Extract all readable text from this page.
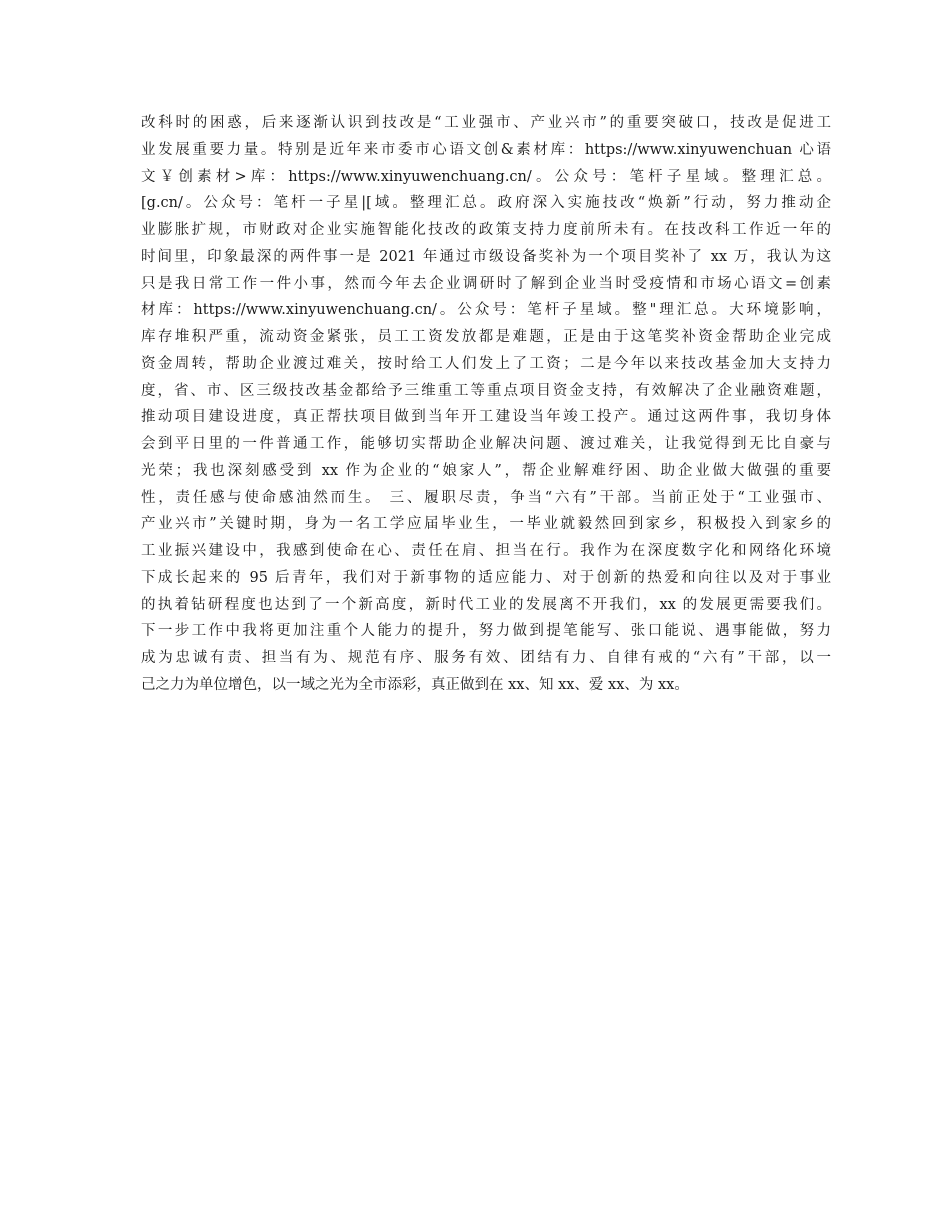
改科时的困惑，后来逐渐认识到技改是“工业强市、产业兴市”的重要突破口，技改是促进工
业发展重要力量。特别是近年来市委市心语文创&素材库：https://www.xinyuwenchuan 心语
文￥创素材>库：https://www.xinyuwenchuang.cn/。公众号：笔杆子星域。整理汇总。
[g.cn/。公众号：笔杆一子星|[域。整理汇总。政府深入实施技改“焕新”行动，努力推动企
业膨胀扩规，市财政对企业实施智能化技改的政策支持力度前所未有。在技改科工作近一年的
时间里，印象最深的两件事一是 2021 年通过市级设备奖补为一个项目奖补了 xx 万，我认为这
只是我日常工作一件小事，然而今年去企业调研时了解到企业当时受疫情和市场心语文=创素
材库：https://www.xinyuwenchuang.cn/。公众号：笔杆子星域。整"理汇总。大环境影响，
库存堆积严重，流动资金紧张，员工工资发放都是难题，正是由于这笔奖补资金帮助企业完成
资金周转，帮助企业渡过难关，按时给工人们发上了工资；二是今年以来技改基金加大支持力
度，省、市、区三级技改基金都给予三维重工等重点项目资金支持，有效解决了企业融资难题，
推动项目建设进度，真正帮扶项目做到当年开工建设当年竣工投产。通过这两件事，我切身体
会到平日里的一件普通工作，能够切实帮助企业解决问题、渡过难关，让我觉得到无比自豪与
光荣；我也深刻感受到 xx 作为企业的“娘家人”，帮企业解难纾困、助企业做大做强的重要
性，责任感与使命感油然而生。 三、履职尽责，争当“六有”干部。当前正处于“工业强市、
产业兴市”关键时期，身为一名工学应届毕业生，一毕业就毅然回到家乡，积极投入到家乡的
工业振兴建设中，我感到使命在心、责任在肩、担当在行。我作为在深度数字化和网络化环境
下成长起来的 95 后青年，我们对于新事物的适应能力、对于创新的热爱和向往以及对于事业
的执着钻研程度也达到了一个新高度，新时代工业的发展离不开我们，xx 的发展更需要我们。
下一步工作中我将更加注重个人能力的提升，努力做到提笔能写、张口能说、遇事能做，努力
成为忠诚有责、担当有为、规范有序、服务有效、团结有力、自律有戒的“六有”干部，以一
己之力为单位增色，以一域之光为全市添彩，真正做到在 xx、知 xx、爱 xx、为 xx。
